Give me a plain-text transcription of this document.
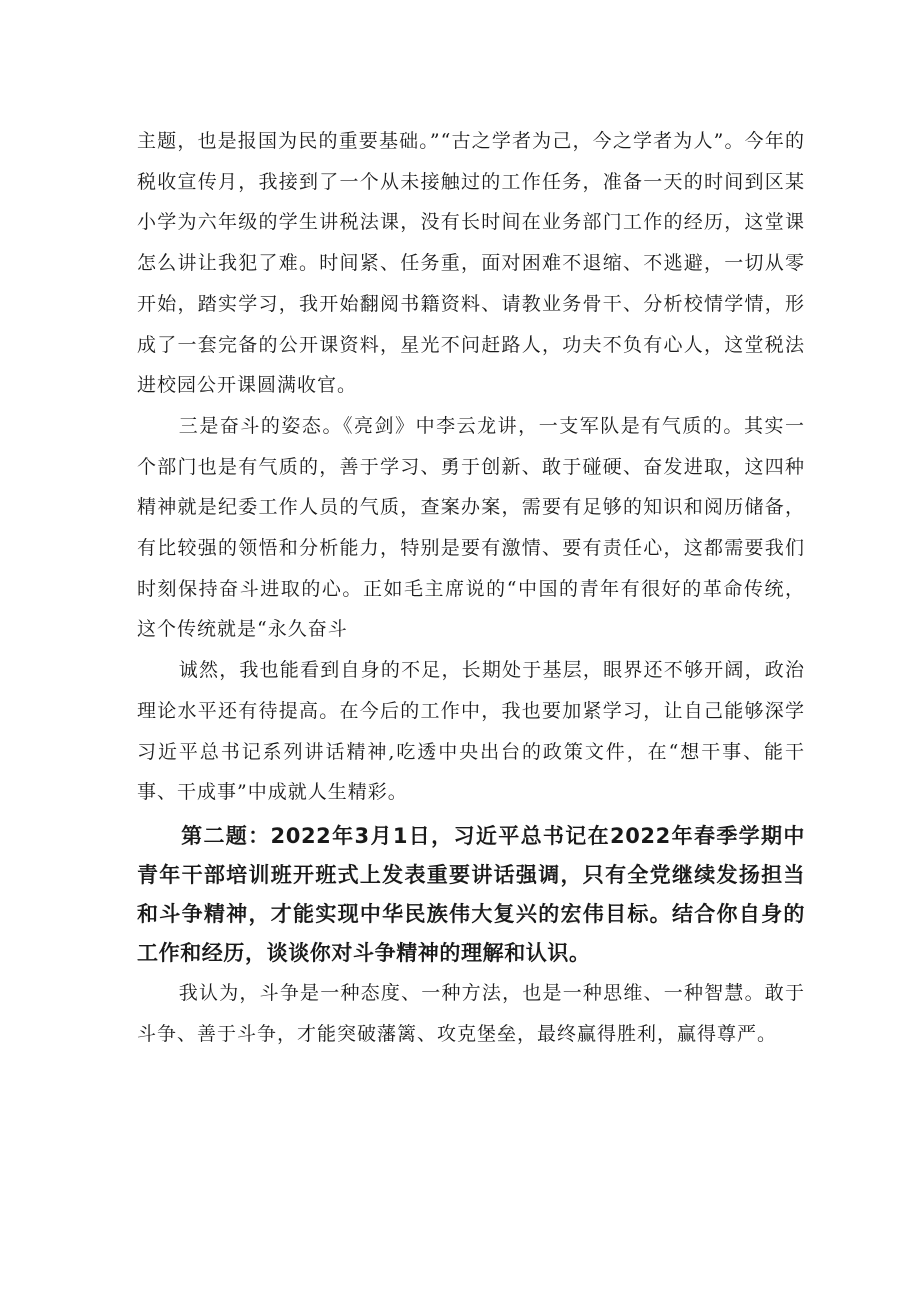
主题，也是报国为民的重要基础。”“古之学者为己，今之学者为人”。今年的税收宣传月，我接到了一个从未接触过的工作任务，准备一天的时间到区某小学为六年级的学生讲税法课，没有长时间在业务部门工作的经历，这堂课怎么讲让我犯了难。时间紧、任务重，面对困难不退缩、不逃避，一切从零开始，踏实学习，我开始翻阅书籍资料、请教业务骨干、分析校情学情，形成了一套完备的公开课资料，星光不问赶路人，功夫不负有心人，这堂税法进校园公开课圆满收官。

三是奋斗的姿态。《亮剑》中李云龙讲，一支军队是有气质的。其实一个部门也是有气质的，善于学习、勇于创新、敢于碰硬、奋发进取，这四种精神就是纪委工作人员的气质，查案办案，需要有足够的知识和阅历储备，有比较强的领悟和分析能力，特别是要有激情、要有责任心，这都需要我们时刻保持奋斗进取的心。正如毛主席说的“中国的青年有很好的革命传统，这个传统就是“永久奋斗

诚然，我也能看到自身的不足，长期处于基层，眼界还不够开阔，政治理论水平还有待提高。在今后的工作中，我也要加紧学习，让自己能够深学习近平总书记系列讲话精神,吃透中央出台的政策文件，在“想干事、能干事、干成事”中成就人生精彩。

第二题：2022年3月1日，习近平总书记在2022年春季学期中青年干部培训班开班式上发表重要讲话强调，只有全党继续发扬担当和斗争精神，才能实现中华民族伟大复兴的宏伟目标。结合你自身的工作和经历，谈谈你对斗争精神的理解和认识。

我认为，斗争是一种态度、一种方法，也是一种思维、一种智慧。敢于斗争、善于斗争，才能突破藩篱、攻克堡垒，最终赢得胜利，赢得尊严。
